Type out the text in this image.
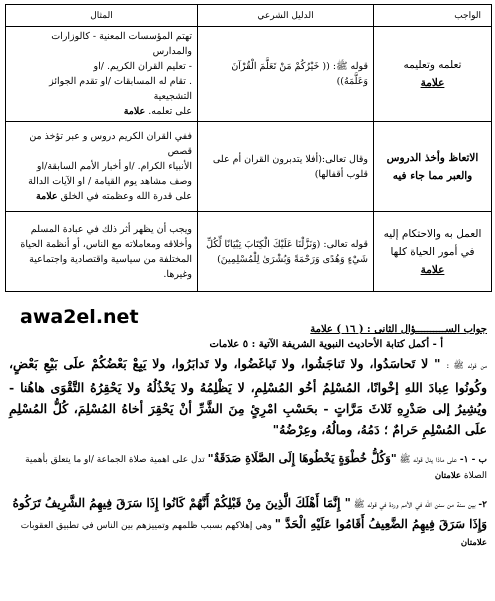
الواجب	الدليل الشرعي	المثال

تعلمه وتعليمه
علامة	قوله ﷺ: (( خَيْرُكُمْ مَنْ تَعَلَّمَ الْقُرْآنَ وَعَلَّمَهُ))	تهتم المؤسسات المعنية - كالوزارات والمدارس
- تعليم القران الكريم. /او
. تقام له المسابقات /او تقدم الجوائز التشجيعية
على تعلمه. علامة

الاتعاظ وأخذ الدروس والعبر مما جاء فيه	وقال تعالى:(أفلا يتدبرون القران أم على قلوب أقفالها)	ففي القران الكريم دروس و عبر تؤخذ من قصص
الأنبياء الكرام. /او أخبار الأمم السابقة/او
وصف مشاهد يوم القيامة / او الآيات الدالة
على قدرة الله وعظمته في الخلق علامة

العمل به والاحتكام إليه في أمور الحياة كلها
علامة	قوله تعالى: (وَنَزَّلْنَا عَلَيْكَ الْكِتَابَ تِبْيَانًا لِّكُلِّ شَيْءٍ وَهُدًى وَرَحْمَةً وَبُشْرَىٰ لِلْمُسْلِمِينَ)	ويجب أن يظهر أثر ذلك في عبادة المسلم
وأخلاقه ومعاملاته مع الناس، أو أنظمة الحياة
المختلفة من سياسية واقتصادية واجتماعية
وغيرها.
awa2el.net
جواب الســــــــــؤال الثانى : ( ١٦ ) علامة
أ - أكمل كتابة الأحاديث النبوية الشريفة الآتية : ٥ علامات
من قوله ﷺ : " لا تَحاسَدُوا، ولا تَناجَشُوا، ولا تَباغَضُوا، ولا تَدابَرُوا، ولا يَبِعْ بَعْضُكُمْ علَى بَيْعِ بَعْضٍ، وكُونُوا عِبادَ اللهِ إخْوانًا، المُسْلِمُ أخُو المُسْلِمِ، لا يَظْلِمُهُ ولا يَخْذُلُهُ ولا يَحْقِرُهُ التَّقْوَى هاهُنا - ويُشِيرُ إلى صَدْرِهِ ثَلاثَ مَرَّاتٍ - بحَسْبِ امْرِئٍ مِنَ الشَّرِّ أنْ يَحْقِرَ أخاهُ المُسْلِمَ، كُلُّ المُسْلِمِ علَى المُسْلِمِ حَرامٌ ؛ دَمُهُ، ومالُهُ، وعِرْضُهُ"
ب - ١- على ماذا يدل قوله ﷺ "وَكُلُّ خُطْوَةٍ يَخْطُوهَا إِلَى الصَّلَاةِ صَدَقَةٌ" تدل على اهمية صلاة الجماعة /او ما يتعلق بأهمية الصلاة علامتان
٢- بين سنة من سنن الله في الأمم وردة في قوله ﷺ " إِنَّمَا أَهْلَكَ الَّذِينَ مِنْ قَبْلِكُمْ أَنَّهُمْ كَانُوا إِذَا سَرَقَ فِيهِمُ الشَّرِيفُ تَرَكُوهُ وَإِذَا سَرَقَ فِيهِمُ الضَّعِيفُ أَقَامُوا عَلَيْهِ الْحَدَّ " وهي إهلاكهم بسبب ظلمهم وتمييزهم بين الناس في تطبيق العقوبات علامتان
